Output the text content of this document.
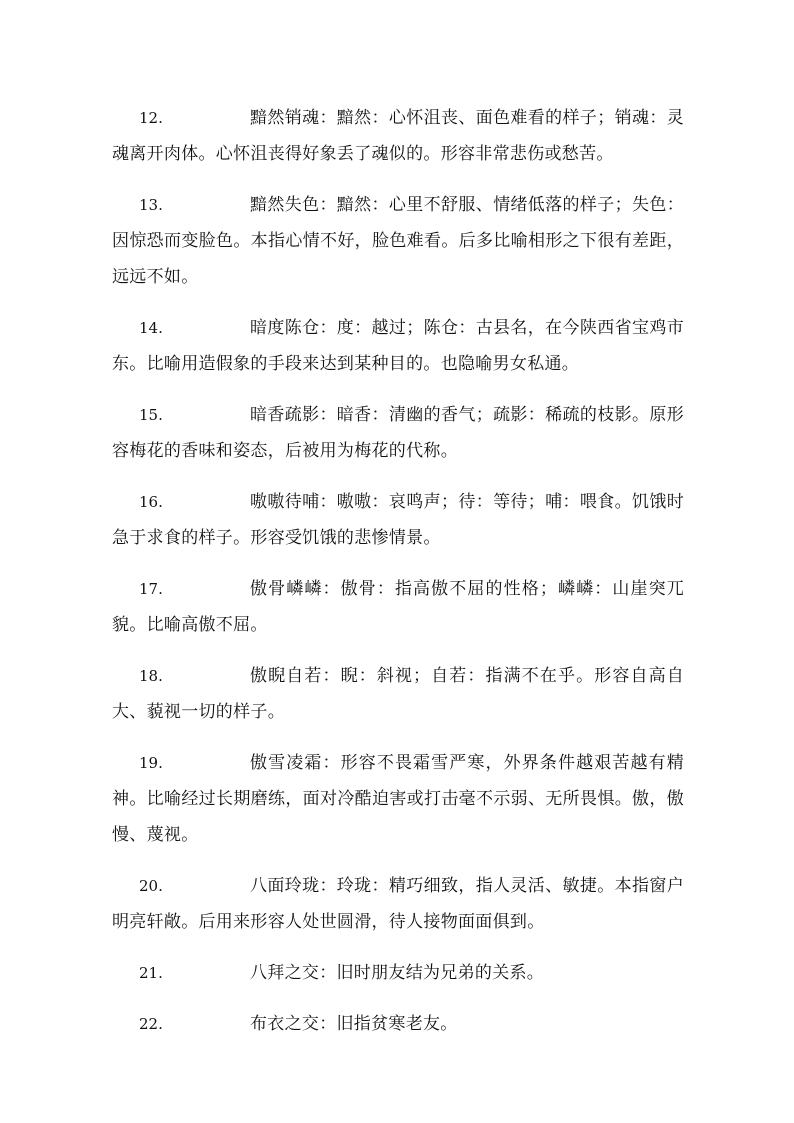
12.	黯然销魂：黯然：心怀沮丧、面色难看的样子；销魂：灵魂离开肉体。心怀沮丧得好象丢了魂似的。形容非常悲伤或愁苦。
13.	黯然失色：黯然：心里不舒服、情绪低落的样子；失色：因惊恐而变脸色。本指心情不好，脸色难看。后多比喻相形之下很有差距，远远不如。
14.	暗度陈仓：度：越过；陈仓：古县名，在今陕西省宝鸡市东。比喻用造假象的手段来达到某种目的。也隐喻男女私通。
15.	暗香疏影：暗香：清幽的香气；疏影：稀疏的枝影。原形容梅花的香味和姿态，后被用为梅花的代称。
16.	嗷嗷待哺：嗷嗷：哀鸣声；待：等待；哺：喂食。饥饿时急于求食的样子。形容受饥饿的悲惨情景。
17.	傲骨嶙嶙：傲骨：指高傲不屈的性格；嶙嶙：山崖突兀貌。比喻高傲不屈。
18.	傲睨自若：睨：斜视；自若：指满不在乎。形容自高自大、藐视一切的样子。
19.	傲雪凌霜：形容不畏霜雪严寒，外界条件越艰苦越有精神。比喻经过长期磨练，面对冷酷迫害或打击毫不示弱、无所畏惧。傲，傲慢、蔑视。
20.	八面玲珑：玲珑：精巧细致，指人灵活、敏捷。本指窗户明亮轩敞。后用来形容人处世圆滑，待人接物面面俱到。
21.	八拜之交：旧时朋友结为兄弟的关系。
22.	布衣之交：旧指贫寒老友。
